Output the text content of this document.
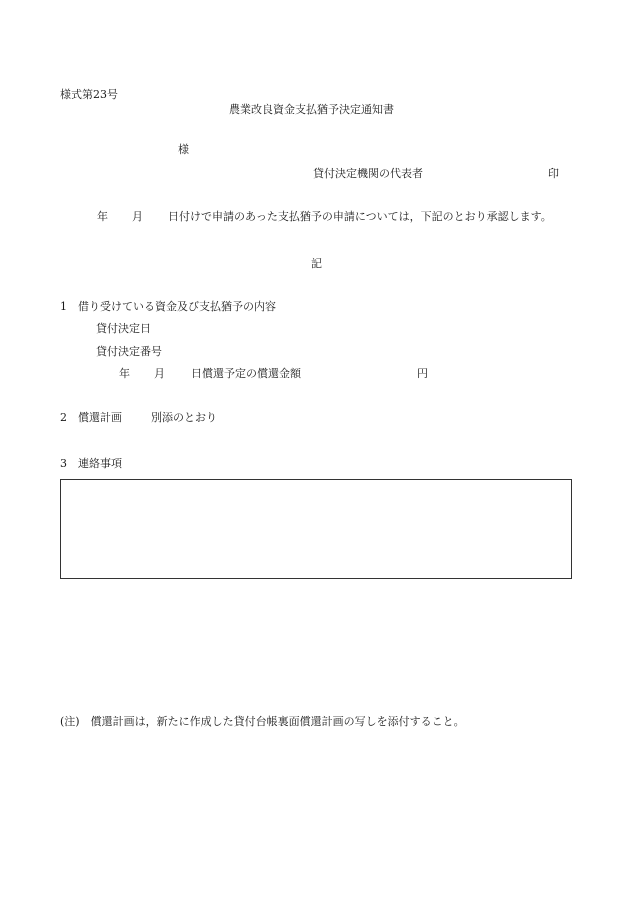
様式第23号
農業改良資金支払猶予決定通知書
様
貸付決定機関の代表者	印
年 月 日付けで申請のあった支払猶予の申請については，下記のとおり承認します。
記
1　借り受けている資金及び支払猶予の内容
貸付決定日
貸付決定番号
年 月 日償還予定の償還金額	円
2　償還計画	別添のとおり
3　連絡事項
(注)　償還計画は，新たに作成した貸付台帳裏面償還計画の写しを添付すること。
